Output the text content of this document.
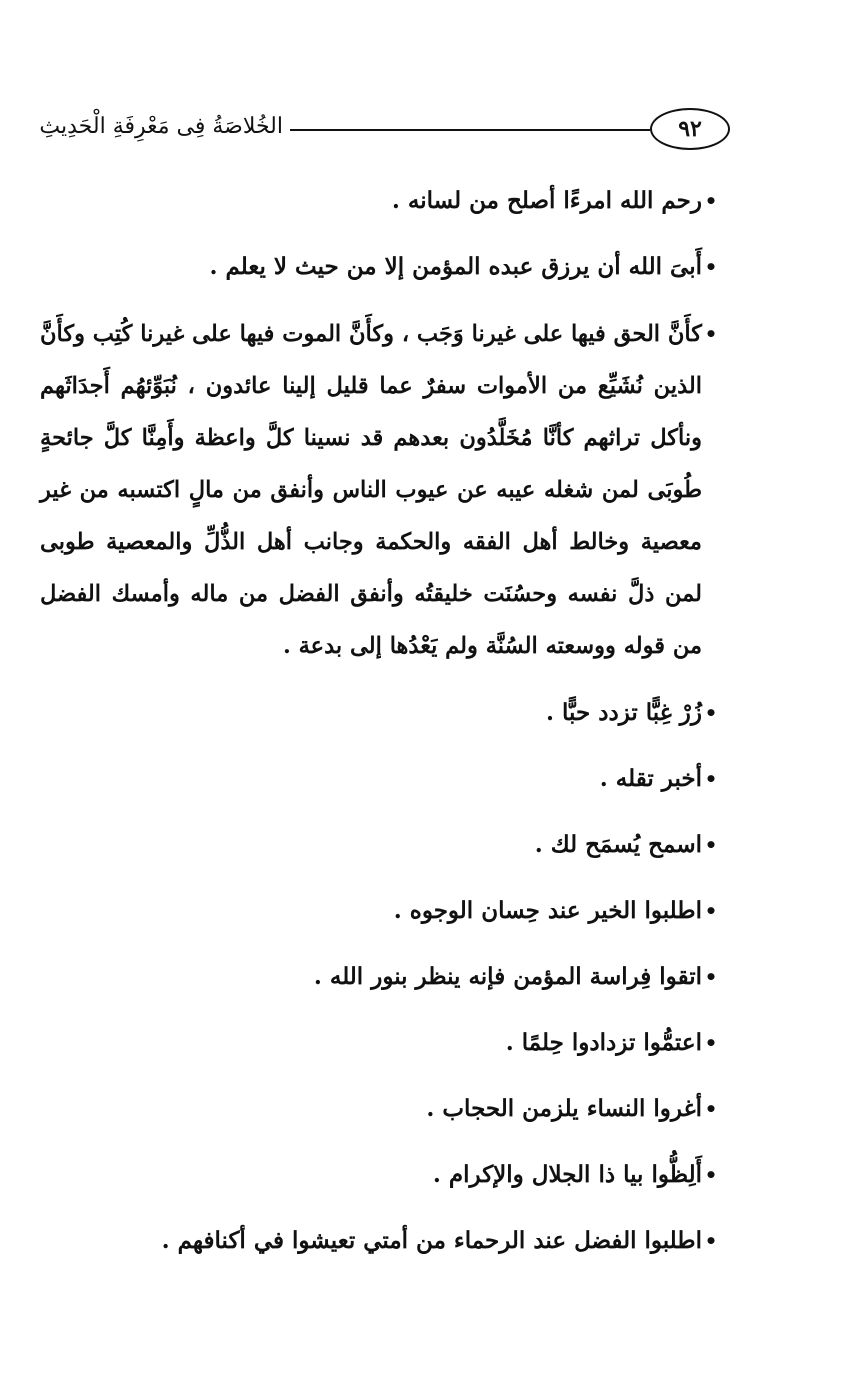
٩٢
الخُلاصَةُ فِى مَعْرِفَةِ الْحَدِيثِ
•
رحم الله امرءًا أصلح من لسانه .
•
أَبىَ الله أن يرزق عبده المؤمن إلا من حيث لا يعلم .
•
كأَنَّ الحق فيها على غيرنا وَجَب ، وكأَنَّ الموت فيها على غيرنا كُتِب وكأَنَّ الذين نُشَيِّع من الأموات سفرٌ عما قليل إلينا عائدون ، نُبَوِّئهُم أَجدَاثَهم ونأكل تراثهم كأنَّا مُخَلَّدُون بعدهم قد نسينا كلَّ واعظة وأَمِنَّا كلَّ جائحةٍ طُوبَى لمن شغله عيبه عن عيوب الناس وأنفق من مالٍ اكتسبه من غير معصية وخالط أهل الفقه والحكمة وجانب أهل الذُّلِّ والمعصية طوبى لمن ذلَّ نفسه وحسُنَت خليقتُه وأنفق الفضل من ماله وأمسك الفضل من قوله ووسعته السُنَّة ولم يَعْدُها إلى بدعة .
•
زُرْ غِبًّا تزدد حبًّا .
•
أخبر تقله .
•
اسمح يُسمَح لك .
•
اطلبوا الخير عند حِسان الوجوه .
•
اتقوا فِراسة المؤمن فإنه ينظر بنور الله .
•
اعتمُّوا تزدادوا حِلمًا .
•
أغروا النساء يلزمن الحجاب .
•
أَلِظُّوا بيا ذا الجلال والإكرام .
•
اطلبوا الفضل عند الرحماء من أمتي تعيشوا في أكنافهم .
